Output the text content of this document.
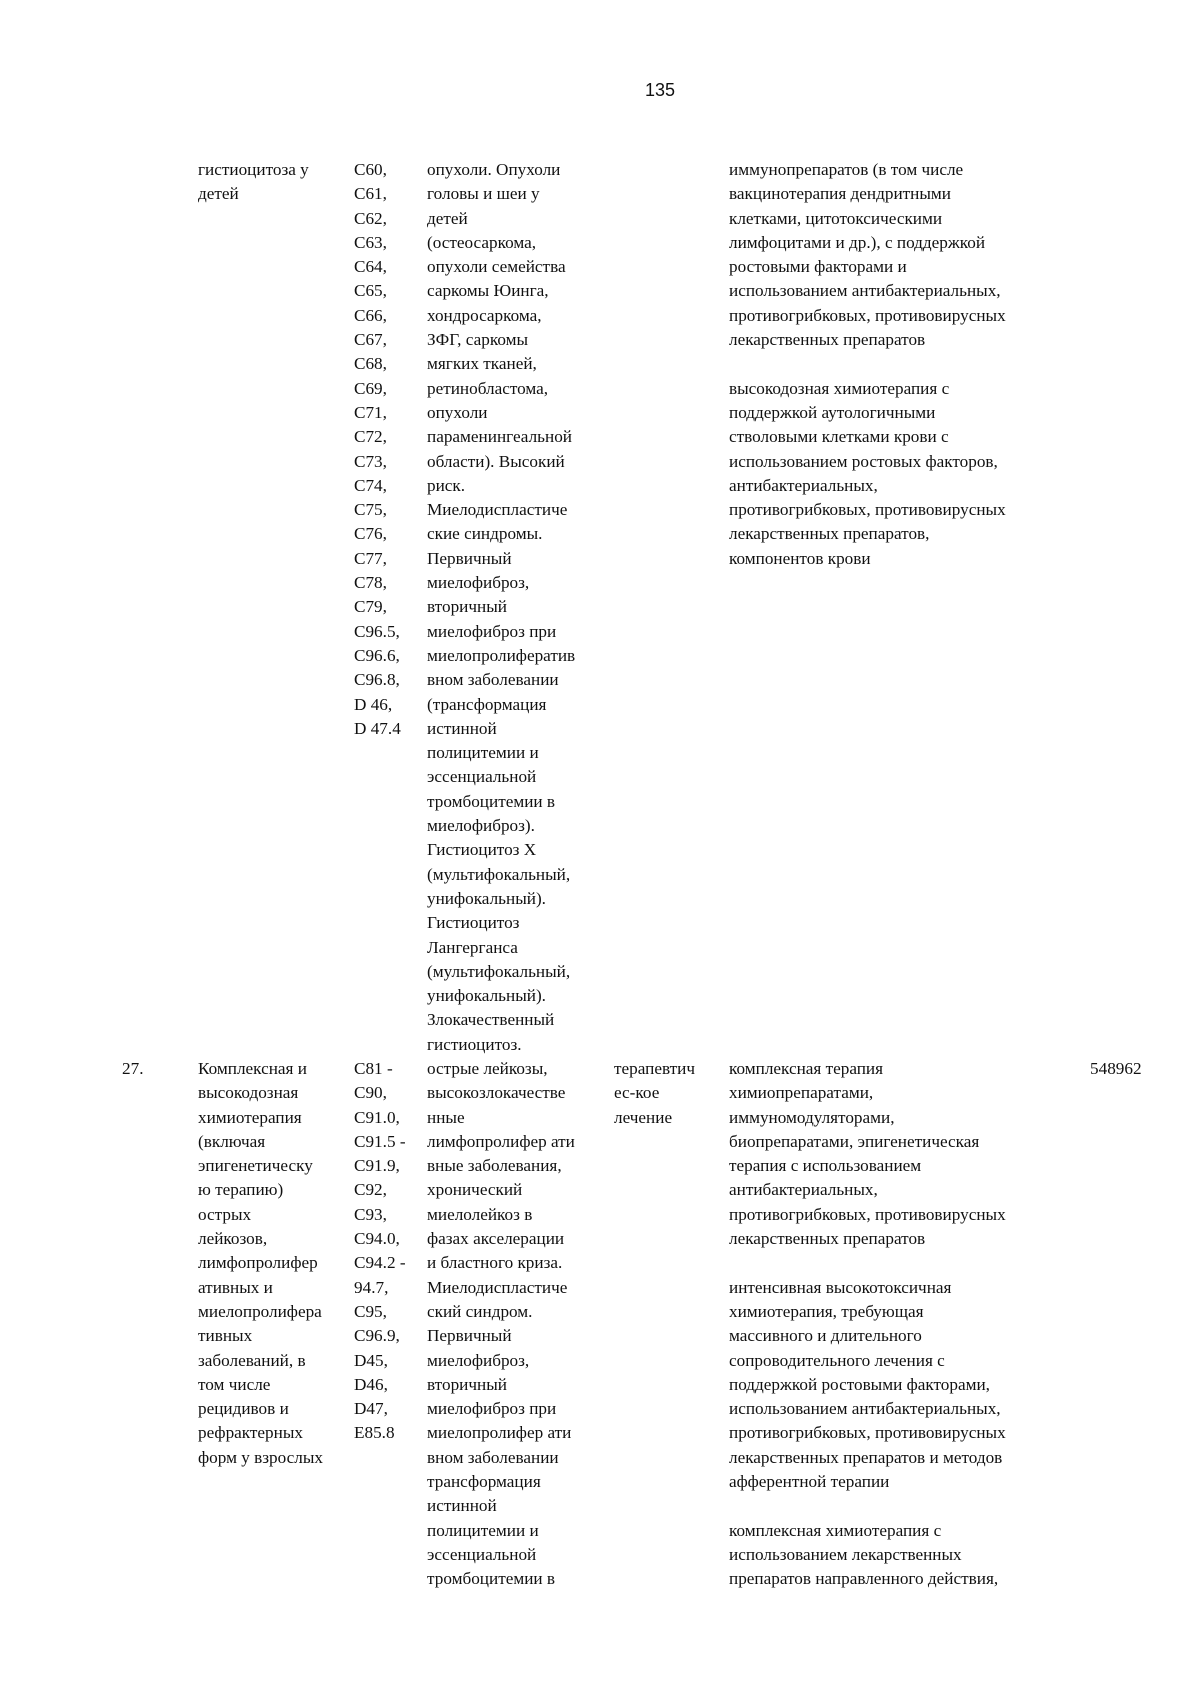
135
гистиоцитоза у
детей
C60,
C61,
C62,
C63,
C64,
C65,
C66,
C67,
C68,
C69,
C71,
C72,
C73,
C74,
C75,
C76,
C77,
C78,
C79,
C96.5,
C96.6,
C96.8,
D 46,
D 47.4
опухоли. Опухоли
головы и шеи у
детей
(остеосаркома,
опухоли семейства
саркомы Юинга,
хондросаркома,
ЗФГ, саркомы
мягких тканей,
ретинобластома,
опухоли
параменингеальной
области). Высокий
риск.
Миелодиспластиче
ские синдромы.
Первичный
миелофиброз,
вторичный
миелофиброз при
миелопролифератив
вном заболевании
(трансформация
истинной
полицитемии и
эссенциальной
тромбоцитемии в
миелофиброз).
Гистиоцитоз Х
(мультифокальный,
унифокальный).
Гистиоцитоз
Лангерганса
(мультифокальный,
унифокальный).
Злокачественный
гистиоцитоз.
иммунопрепаратов (в том числе
вакцинотерапия дендритными
клетками, цитотоксическими
лимфоцитами и др.), с поддержкой
ростовыми факторами и
использованием антибактериальных,
противогрибковых, противовирусных
лекарственных препаратов
высокодозная химиотерапия с
поддержкой аутологичными
стволовыми клетками крови с
использованием ростовых факторов,
антибактериальных,
противогрибковых, противовирусных
лекарственных препаратов,
компонентов крови
27.	Комплексная и
высокодозная
химиотерапия
(включая
эпигенетическу
ю терапию)
острых
лейкозов,
лимфопролифер
ативных и
миелопролифера
тивных
заболеваний, в
том числе
рецидивов и
рефрактерных
форм у взрослых
C81 -
C90,
C91.0,
C91.5 -
C91.9,
C92,
C93,
C94.0,
C94.2 -
94.7,
C95,
C96.9,
D45,
D46,
D47,
E85.8
острые лейкозы,
высокозлокачестве
нные
лимфопролифер ати
вные заболевания,
хронический
миелолейкоз в
фазах акселерации
и бластного криза.
Миелодиспластиче
ский синдром.
Первичный
миелофиброз,
вторичный
миелофиброз при
миелопролифер ати
вном заболевании
трансформация
истинной
полицитемии и
эссенциальной
тромбоцитемии в
терапевтич
ес-кое
лечение
комплексная терапия
химиопрепаратами,
иммуномодуляторами,
биопрепаратами, эпигенетическая
терапия с использованием
антибактериальных,
противогрибковых, противовирусных
лекарственных препаратов
интенсивная высокотоксичная
химиотерапия, требующая
массивного и длительного
сопроводительного лечения с
поддержкой ростовыми факторами,
использованием антибактериальных,
противогрибковых, противовирусных
лекарственных препаратов и методов
афферентной терапии
комплексная химиотерапия с
использованием лекарственных
препаратов направленного действия,
548962
